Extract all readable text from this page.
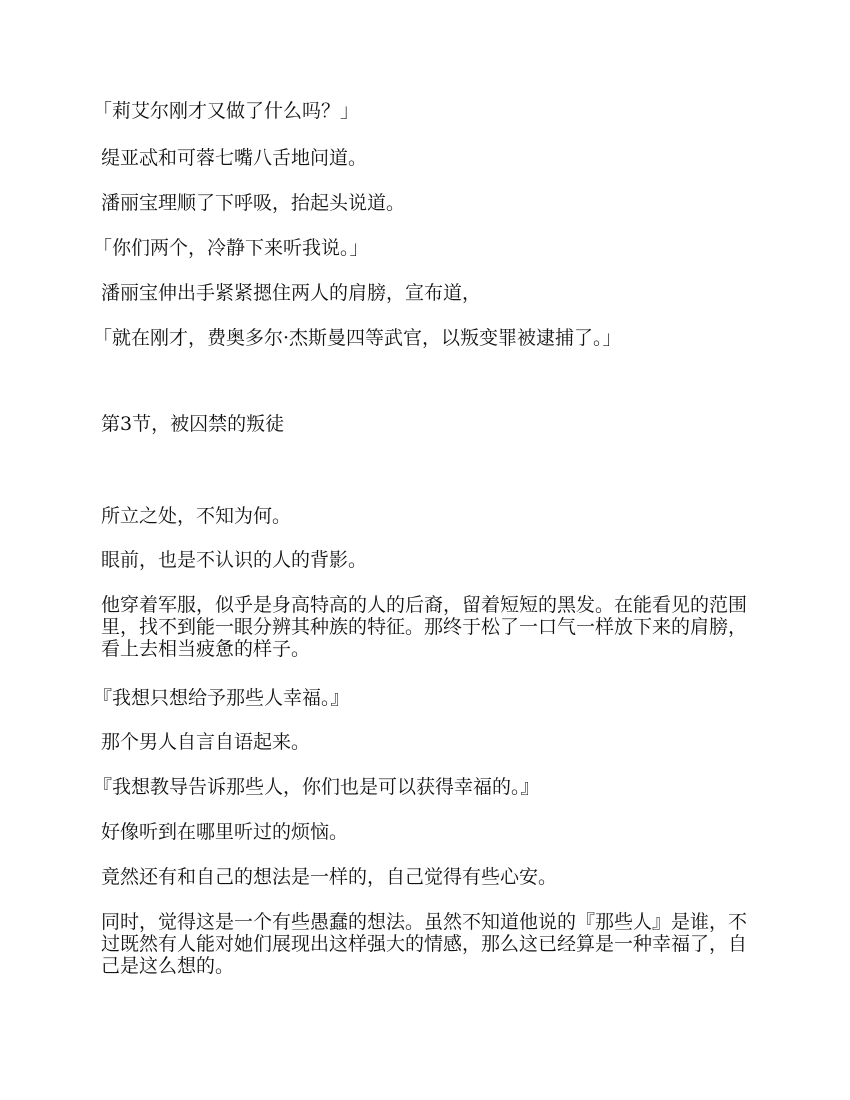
「莉艾尔刚才又做了什么吗？」

缇亚忒和可蓉七嘴八舌地问道。

潘丽宝理顺了下呼吸，抬起头说道。

「你们两个，冷静下来听我说。」

潘丽宝伸出手紧紧摁住两人的肩膀，宣布道，

「就在刚才，费奥多尔·杰斯曼四等武官，以叛变罪被逮捕了。」

第3节，被囚禁的叛徒

所立之处，不知为何。

眼前，也是不认识的人的背影。

他穿着军服，似乎是身高特高的人的后裔，留着短短的黑发。在能看见的范围里，找不到能一眼分辨其种族的特征。那终于松了一口气一样放下来的肩膀，看上去相当疲惫的样子。

『我想只想给予那些人幸福。』

那个男人自言自语起来。

『我想教导告诉那些人，你们也是可以获得幸福的。』

好像听到在哪里听过的烦恼。

竟然还有和自己的想法是一样的，自己觉得有些心安。

同时，觉得这是一个有些愚蠢的想法。虽然不知道他说的『那些人』是谁，不过既然有人能对她们展现出这样强大的情感，那么这已经算是一种幸福了，自己是这么想的。
